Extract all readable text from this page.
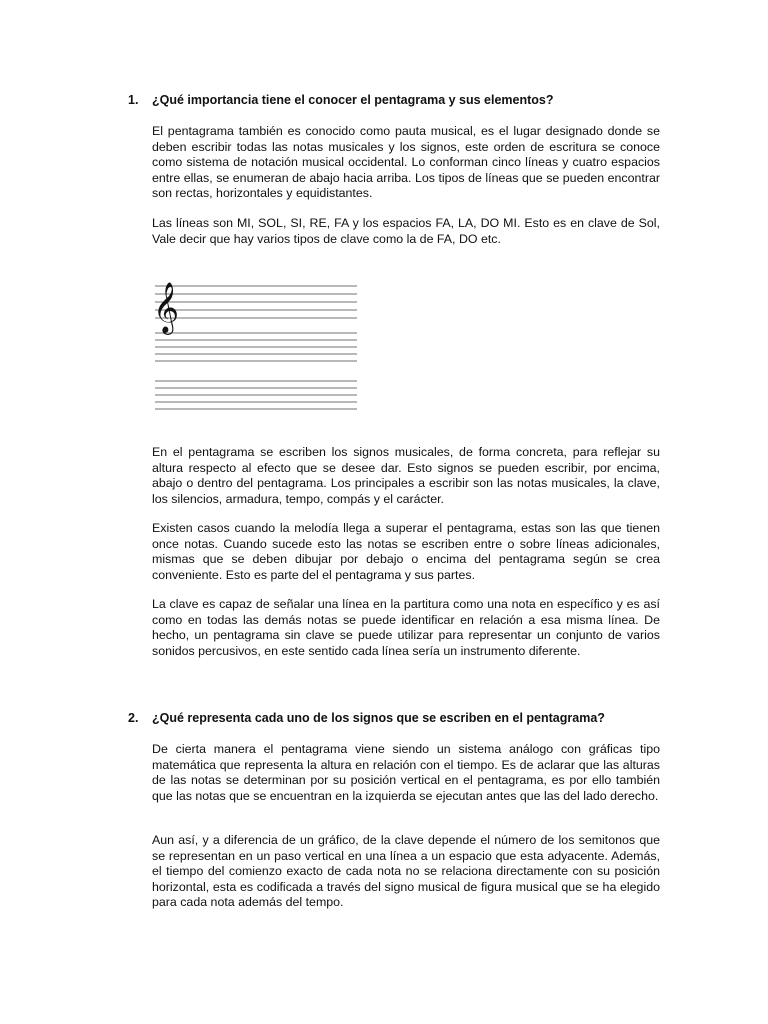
1. ¿Qué importancia tiene el conocer el pentagrama y sus elementos?

El pentagrama también es conocido como pauta musical, es el lugar designado donde se deben escribir todas las notas musicales y los signos, este orden de escritura se conoce como sistema de notación musical occidental. Lo conforman cinco líneas y cuatro espacios entre ellas, se enumeran de abajo hacia arriba. Los tipos de líneas que se pueden encontrar son rectas, horizontales y equidistantes.

Las líneas son MI, SOL, SI, RE, FA y los espacios FA, LA, DO MI. Esto es en clave de Sol, Vale decir que hay varios tipos de clave como la de FA, DO etc.

𝄞

En el pentagrama se escriben los signos musicales, de forma concreta, para reflejar su altura respecto al efecto que se desee dar. Esto signos se pueden escribir, por encima, abajo o dentro del pentagrama. Los principales a escribir son las notas musicales, la clave, los silencios, armadura, tempo, compás y el carácter.

Existen casos cuando la melodía llega a superar el pentagrama, estas son las que tienen once notas. Cuando sucede esto las notas se escriben entre o sobre líneas adicionales, mismas que se deben dibujar por debajo o encima del pentagrama según se crea conveniente. Esto es parte del el pentagrama y sus partes.

La clave es capaz de señalar una línea en la partitura como una nota en específico y es así como en todas las demás notas se puede identificar en relación a esa misma línea. De hecho, un pentagrama sin clave se puede utilizar para representar un conjunto de varios sonidos percusivos, en este sentido cada línea sería un instrumento diferente.

2. ¿Qué representa cada uno de los signos que se escriben en el pentagrama?

De cierta manera el pentagrama viene siendo un sistema análogo con gráficas tipo matemática que representa la altura en relación con el tiempo. Es de aclarar que las alturas de las notas se determinan por su posición vertical en el pentagrama, es por ello también que las notas que se encuentran en la izquierda se ejecutan antes que las del lado derecho.

Aun así, y a diferencia de un gráfico, de la clave depende el número de los semitonos que se representan en un paso vertical en una línea a un espacio que esta adyacente. Además, el tiempo del comienzo exacto de cada nota no se relaciona directamente con su posición horizontal, esta es codificada a través del signo musical de figura musical que se ha elegido para cada nota además del tempo.
